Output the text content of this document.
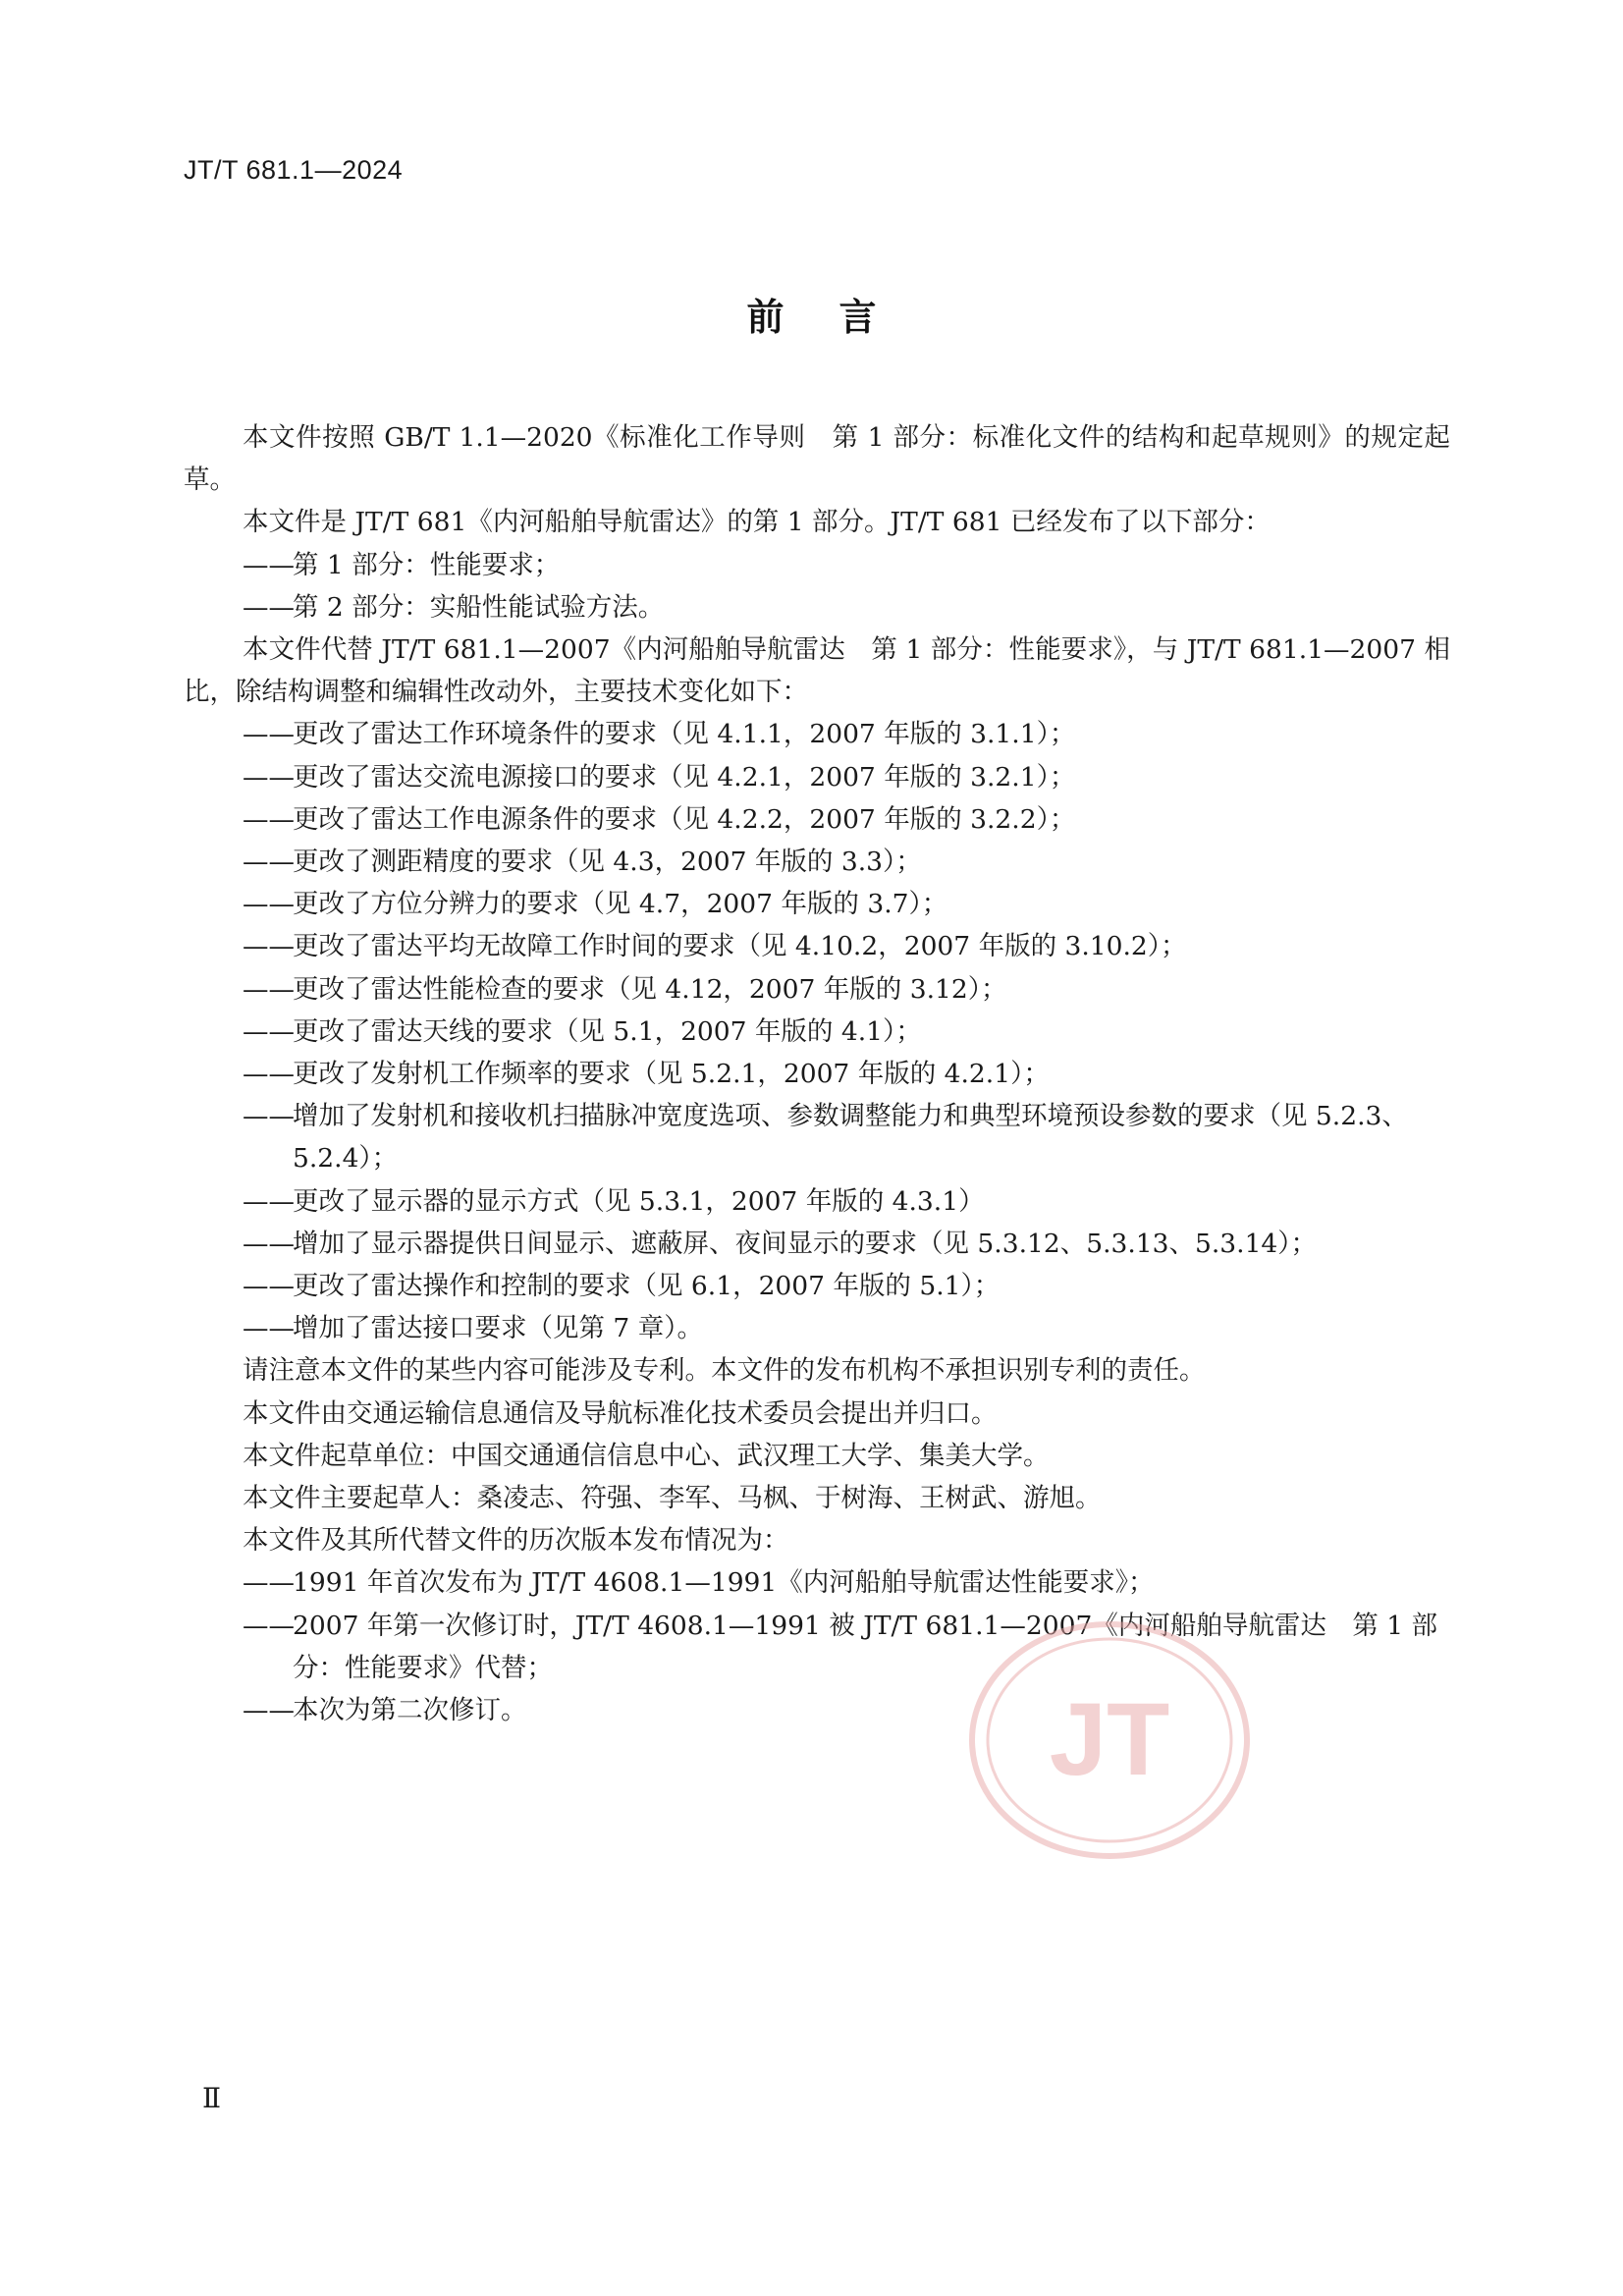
JT/T 681.1—2024
前言
本文件按照 GB/T 1.1—2020《标准化工作导则　第 1 部分：标准化文件的结构和起草规则》的规定起草。
本文件是 JT/T 681《内河船舶导航雷达》的第 1 部分。JT/T 681 已经发布了以下部分：
——第 1 部分：性能要求；
——第 2 部分：实船性能试验方法。
本文件代替 JT/T 681.1—2007《内河船舶导航雷达　第 1 部分：性能要求》，与 JT/T 681.1—2007 相比，除结构调整和编辑性改动外，主要技术变化如下：
——更改了雷达工作环境条件的要求（见 4.1.1，2007 年版的 3.1.1）；
——更改了雷达交流电源接口的要求（见 4.2.1，2007 年版的 3.2.1）；
——更改了雷达工作电源条件的要求（见 4.2.2，2007 年版的 3.2.2）；
——更改了测距精度的要求（见 4.3，2007 年版的 3.3）；
——更改了方位分辨力的要求（见 4.7，2007 年版的 3.7）；
——更改了雷达平均无故障工作时间的要求（见 4.10.2，2007 年版的 3.10.2）；
——更改了雷达性能检查的要求（见 4.12，2007 年版的 3.12）；
——更改了雷达天线的要求（见 5.1，2007 年版的 4.1）；
——更改了发射机工作频率的要求（见 5.2.1，2007 年版的 4.2.1）；
——增加了发射机和接收机扫描脉冲宽度选项、参数调整能力和典型环境预设参数的要求（见 5.2.3、5.2.4）；
——更改了显示器的显示方式（见 5.3.1，2007 年版的 4.3.1）
——增加了显示器提供日间显示、遮蔽屏、夜间显示的要求（见 5.3.12、5.3.13、5.3.14）；
——更改了雷达操作和控制的要求（见 6.1，2007 年版的 5.1）；
——增加了雷达接口要求（见第 7 章）。
请注意本文件的某些内容可能涉及专利。本文件的发布机构不承担识别专利的责任。
本文件由交通运输信息通信及导航标准化技术委员会提出并归口。
本文件起草单位：中国交通通信信息中心、武汉理工大学、集美大学。
本文件主要起草人：桑凌志、符强、李军、马枫、于树海、王树武、游旭。
本文件及其所代替文件的历次版本发布情况为：
——1991 年首次发布为 JT/T 4608.1—1991《内河船舶导航雷达性能要求》；
——2007 年第一次修订时，JT/T 4608.1—1991 被 JT/T 681.1—2007《内河船舶导航雷达　第 1 部分：性能要求》代替；
——本次为第二次修订。	JT
Ⅱ
